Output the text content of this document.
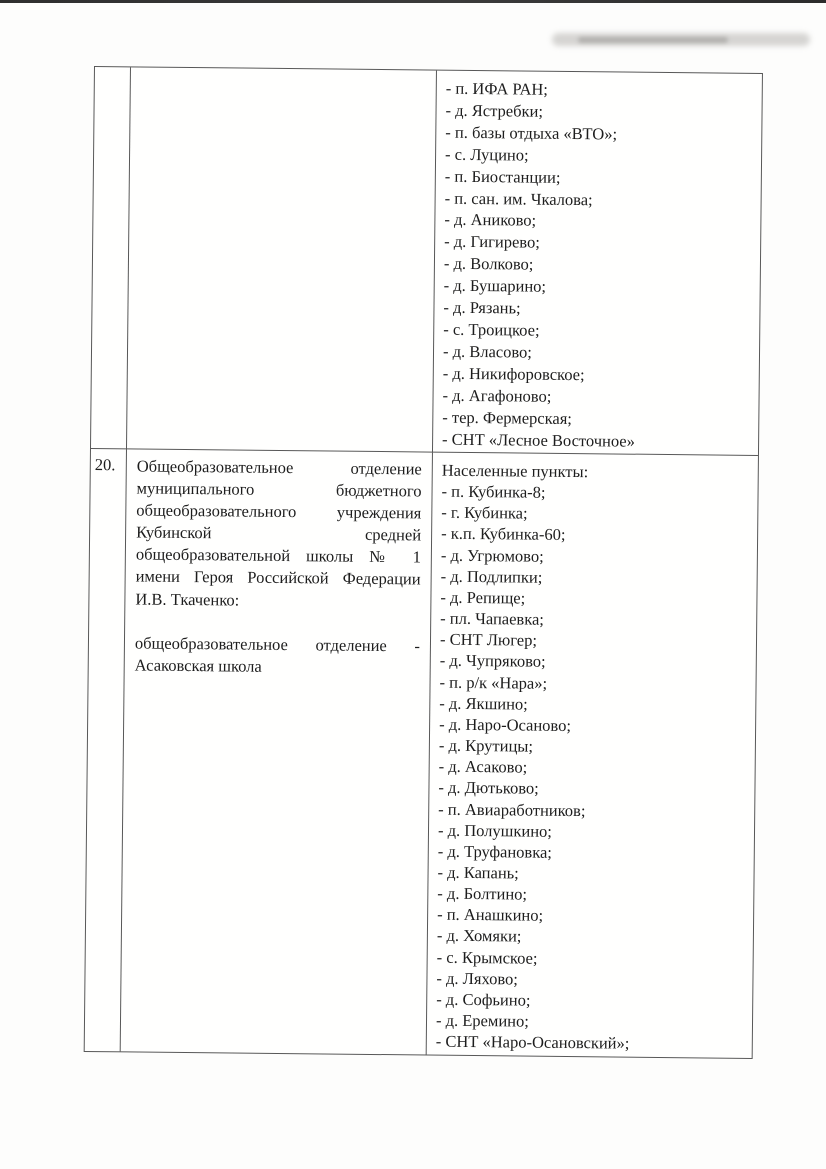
- п. ИФА РАН;
- д. Ястребки;
- п. базы отдыха «ВТО»;
- с. Луцино;
- п. Биостанции;
- п. сан. им. Чкалова;
- д. Аниково;
- д. Гигирево;
- д. Волково;
- д. Бушарино;
- д. Рязань;
- с. Троицкое;
- д. Власово;
- д. Никифоровское;
- д. Агафоново;
- тер. Фермерская;
- СНТ «Лесное Восточное»
20.	Общеобразовательное отделение
муниципального бюджетного
общеобразовательного учреждения
Кубинской средней
общеобразовательной школы № 1
имени Героя Российской Федерации
И.В. Ткаченко:
общеобразовательное отделение -
Асаковская школа
Населенные пункты:
- п. Кубинка-8;
- г. Кубинка;
- к.п. Кубинка-60;
- д. Угрюмово;
- д. Подлипки;
- д. Репище;
- пл. Чапаевка;
- СНТ Люгер;
- д. Чупряково;
- п. р/к «Нара»;
- д. Якшино;
- д. Наро-Осаново;
- д. Крутицы;
- д. Асаково;
- д. Дютьково;
- п. Авиаработников;
- д. Полушкино;
- д. Труфановка;
- д. Капань;
- д. Болтино;
- п. Анашкино;
- д. Хомяки;
- с. Крымское;
- д. Ляхово;
- д. Софьино;
- д. Еремино;
- СНТ «Наро-Осановский»;
